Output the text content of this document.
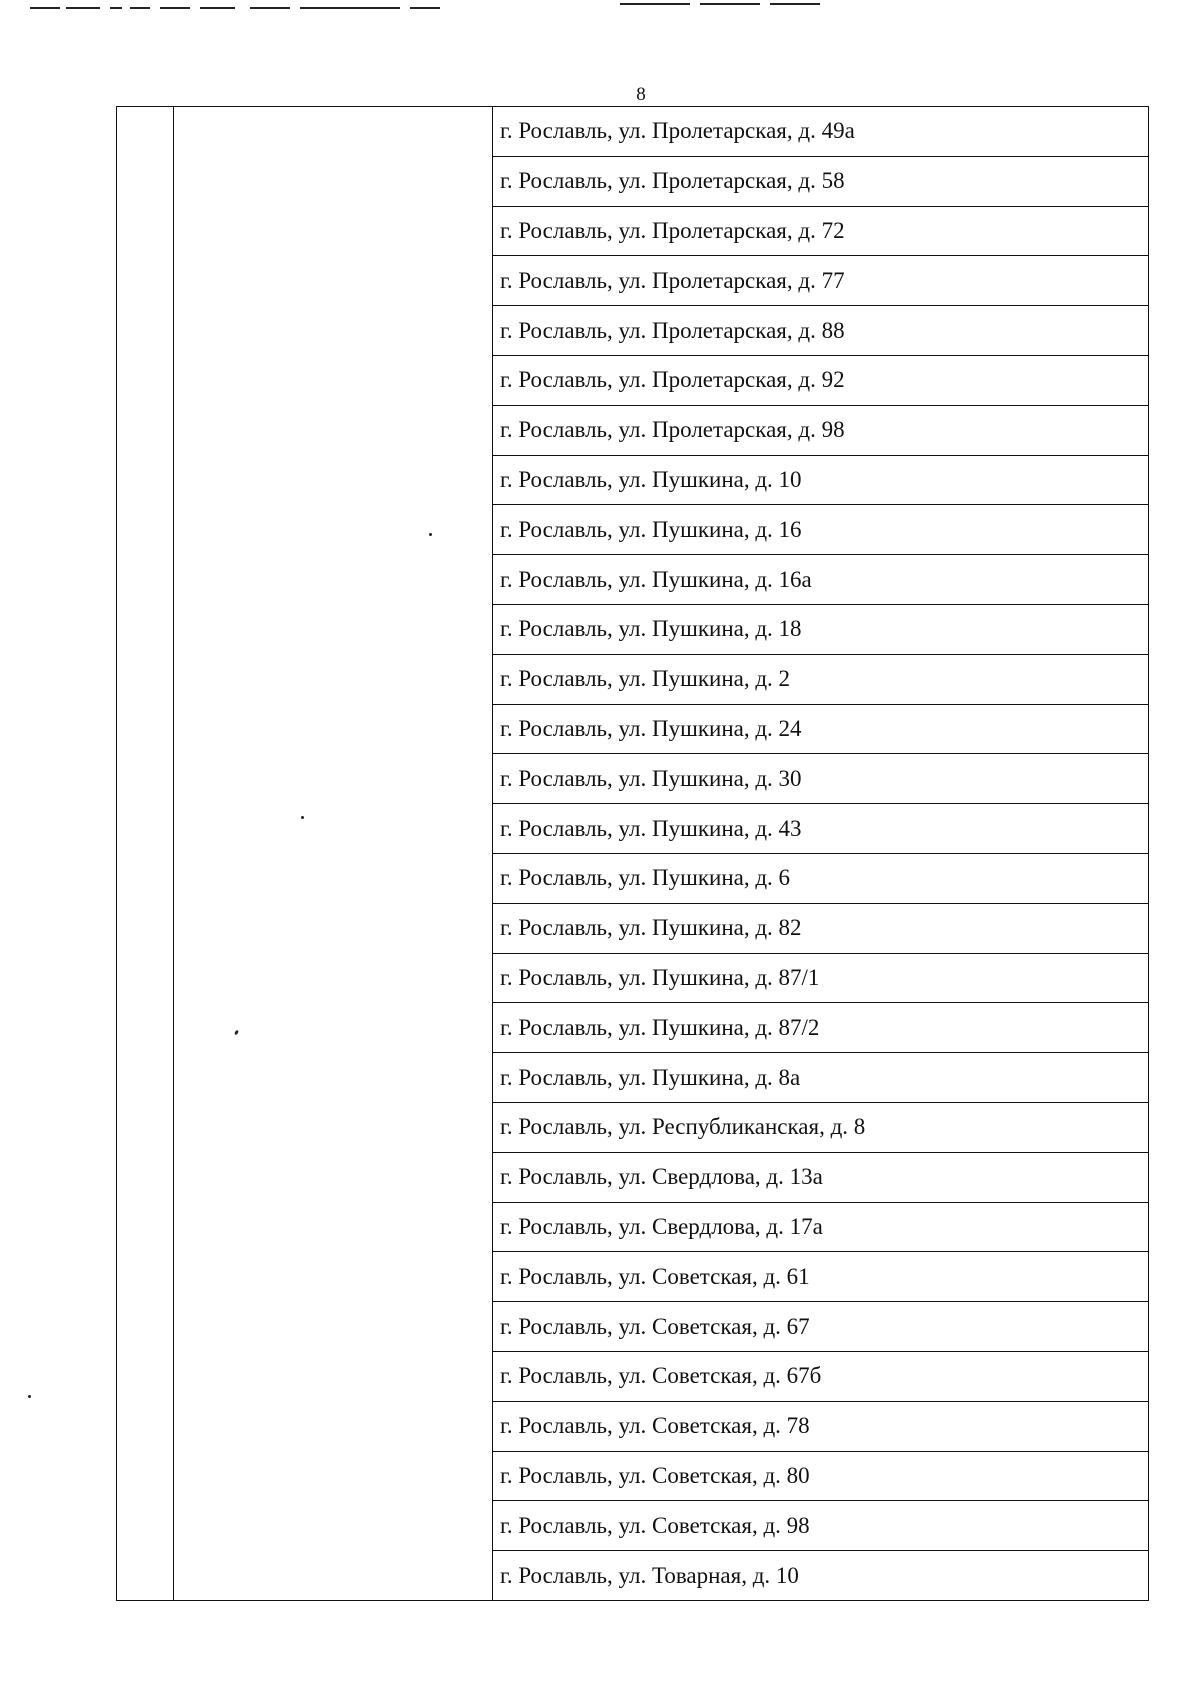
8
		г. Рославль, ул. Пролетарская, д. 49а
г. Рославль, ул. Пролетарская, д. 58
г. Рославль, ул. Пролетарская, д. 72
г. Рославль, ул. Пролетарская, д. 77
г. Рославль, ул. Пролетарская, д. 88
г. Рославль, ул. Пролетарская, д. 92
г. Рославль, ул. Пролетарская, д. 98
г. Рославль, ул. Пушкина, д. 10
г. Рославль, ул. Пушкина, д. 16
г. Рославль, ул. Пушкина, д. 16а
г. Рославль, ул. Пушкина, д. 18
г. Рославль, ул. Пушкина, д. 2
г. Рославль, ул. Пушкина, д. 24
г. Рославль, ул. Пушкина, д. 30
г. Рославль, ул. Пушкина, д. 43
г. Рославль, ул. Пушкина, д. 6
г. Рославль, ул. Пушкина, д. 82
г. Рославль, ул. Пушкина, д. 87/1
г. Рославль, ул. Пушкина, д. 87/2
г. Рославль, ул. Пушкина, д. 8а
г. Рославль, ул. Республиканская, д. 8
г. Рославль, ул. Свердлова, д. 13а
г. Рославль, ул. Свердлова, д. 17а
г. Рославль, ул. Советская, д. 61
г. Рославль, ул. Советская, д. 67
г. Рославль, ул. Советская, д. 67б
г. Рославль, ул. Советская, д. 78
г. Рославль, ул. Советская, д. 80
г. Рославль, ул. Советская, д. 98
г. Рославль, ул. Товарная, д. 10
